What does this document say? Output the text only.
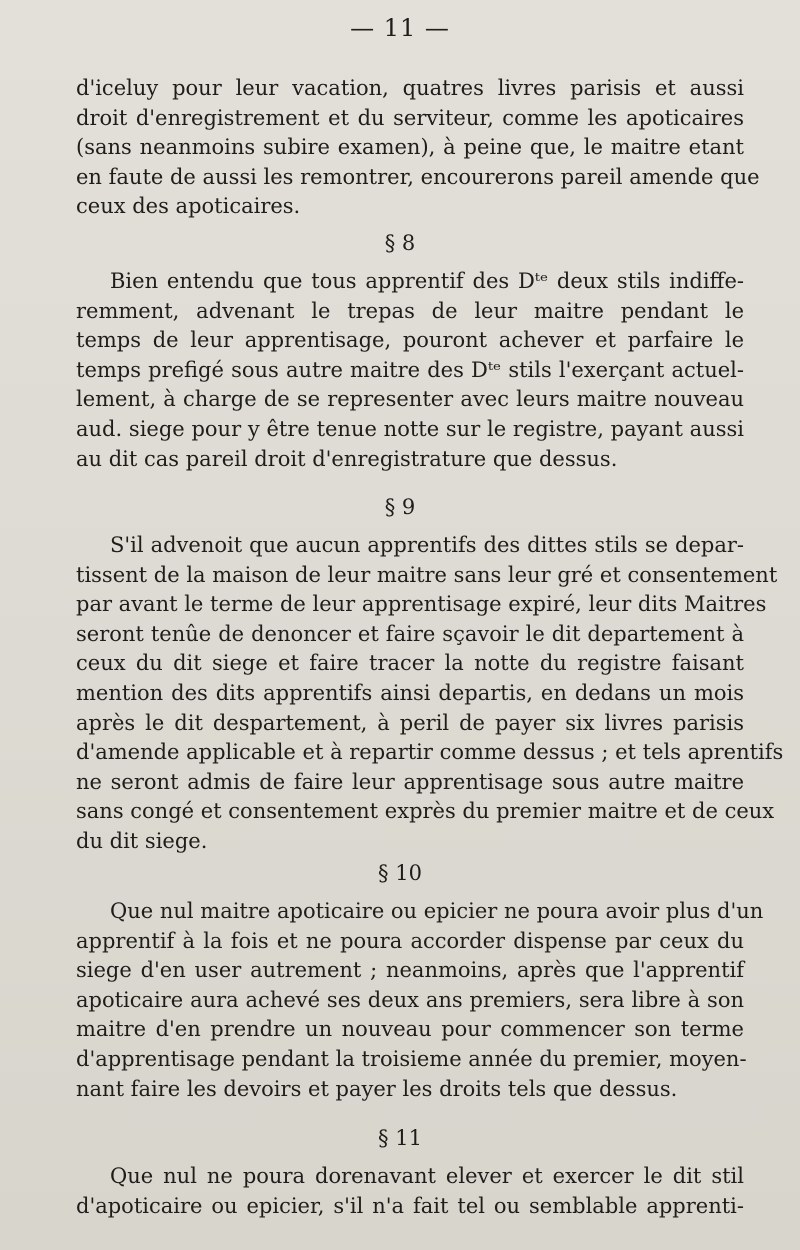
— 11 —
d'iceluy pour leur vacation, quatres livres parisis et aussi
droit d'enregistrement et du serviteur, comme les apoticaires
(sans neanmoins subire examen), à peine que, le maitre etant
en faute de aussi les remontrer, encourerons pareil amende que
ceux des apoticaires.
§ 8
Bien entendu que tous apprentif des Dᵗᵉ deux stils indiffe-
remment, advenant le trepas de leur maitre pendant le
temps de leur apprentisage, pouront achever et parfaire le
temps prefigé sous autre maitre des Dᵗᵉ stils l'exerçant actuel-
lement, à charge de se representer avec leurs maitre nouveau
aud. siege pour y être tenue notte sur le registre, payant aussi
au dit cas pareil droit d'enregistrature que dessus.
§ 9
S'il advenoit que aucun apprentifs des dittes stils se depar-
tissent de la maison de leur maitre sans leur gré et consentement
par avant le terme de leur apprentisage expiré, leur dits Maitres
seront tenûe de denoncer et faire sçavoir le dit departement à
ceux du dit siege et faire tracer la notte du registre faisant
mention des dits apprentifs ainsi departis, en dedans un mois
après le dit despartement, à peril de payer six livres parisis
d'amende applicable et à repartir comme dessus ; et tels aprentifs
ne seront admis de faire leur apprentisage sous autre maitre
sans congé et consentement exprès du premier maitre et de ceux
du dit siege.
§ 10
Que nul maitre apoticaire ou epicier ne poura avoir plus d'un
apprentif à la fois et ne poura accorder dispense par ceux du
siege d'en user autrement ; neanmoins, après que l'apprentif
apoticaire aura achevé ses deux ans premiers, sera libre à son
maitre d'en prendre un nouveau pour commencer son terme
d'apprentisage pendant la troisieme année du premier, moyen-
nant faire les devoirs et payer les droits tels que dessus.
§ 11
Que nul ne poura dorenavant elever et exercer le dit stil
d'apoticaire ou epicier, s'il n'a fait tel ou semblable apprenti-
